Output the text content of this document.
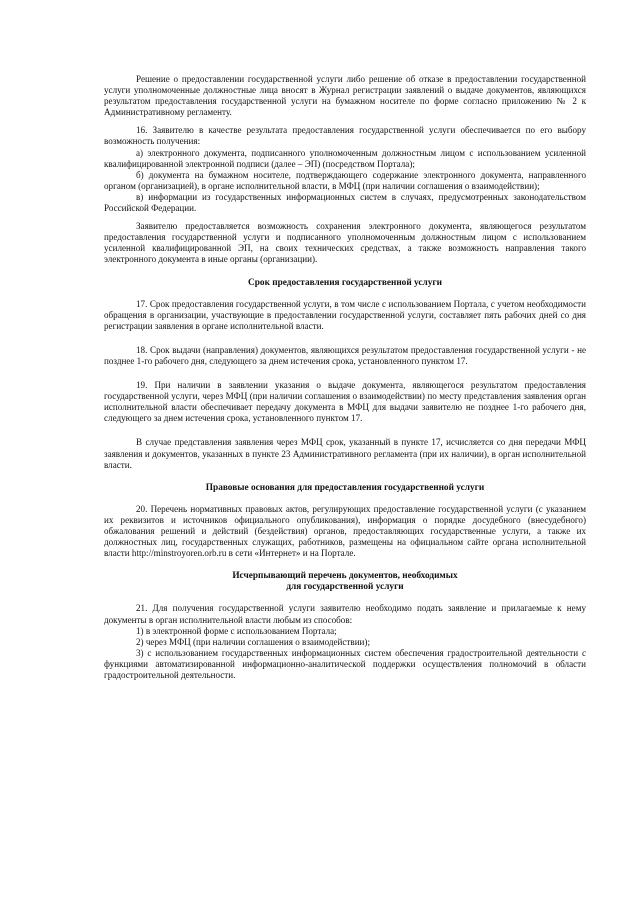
Решение о предоставлении государственной услуги либо решение об отказе в предоставлении государственной услуги уполномоченные должностные лица вносят в Журнал регистрации заявлений о выдаче документов, являющихся результатом предоставления государственной услуги на бумажном носителе по форме согласно приложению № 2 к Административному регламенту.

16. Заявителю в качестве результата предоставления государственной услуги обеспечивается по его выбору возможность получения:

а) электронного документа, подписанного уполномоченным должностным лицом с использованием усиленной квалифицированной электронной подписи (далее – ЭП) (посредством Портала);

б) документа на бумажном носителе, подтверждающего содержание электронного документа, направленного органом (организацией), в органе исполнительной власти, в МФЦ (при наличии соглашения о взаимодействии);

в) информации из государственных информационных систем в случаях, предусмотренных законодательством Российской Федерации.

Заявителю предоставляется возможность сохранения электронного документа, являющегося результатом предоставления государственной услуги и подписанного уполномоченным должностным лицом с использованием усиленной квалифицированной ЭП, на своих технических средствах, а также возможность направления такого электронного документа в иные органы (организации).

Срок предоставления государственной услуги

17. Срок предоставления государственной услуги, в том числе с использованием Портала, с учетом необходимости обращения в организации, участвующие в предоставлении государственной услуги, составляет пять рабочих дней со дня регистрации заявления в органе исполнительной власти.

18. Срок выдачи (направления) документов, являющихся результатом предоставления государственной услуги - не позднее 1-го рабочего дня, следующего за днем истечения срока, установленного пунктом 17.

19. При наличии в заявлении указания о выдаче документа, являющегося результатом предоставления государственной услуги, через МФЦ (при наличии соглашения о взаимодействии) по месту представления заявления орган исполнительной власти обеспечивает передачу документа в МФЦ для выдачи заявителю не позднее 1-го рабочего дня, следующего за днем истечения срока, установленного пунктом 17.

В случае представления заявления через МФЦ срок, указанный в пункте 17, исчисляется со дня передачи МФЦ заявления и документов, указанных в пункте 23 Административного регламента (при их наличии), в орган исполнительной власти.

Правовые основания для предоставления государственной услуги

20. Перечень нормативных правовых актов, регулирующих предоставление государственной услуги (с указанием их реквизитов и источников официального опубликования), информация о порядке досудебного (внесудебного) обжалования решений и действий (бездействия) органов, предоставляющих государственные услуги, а также их должностных лиц, государственных служащих, работников, размещены на официальном сайте органа исполнительной власти http://minstroyoren.orb.ru в сети «Интернет» и на Портале.

Исчерпывающий перечень документов, необходимых
для государственной услуги

21. Для получения государственной услуги заявителю необходимо подать заявление и прилагаемые к нему документы в орган исполнительной власти любым из способов:

1) в электронной форме с использованием Портала;

2) через МФЦ (при наличии соглашения о взаимодействии);

3) с использованием государственных информационных систем обеспечения градостроительной деятельности с функциями автоматизированной информационно-аналитической поддержки осуществления полномочий в области градостроительной деятельности.
